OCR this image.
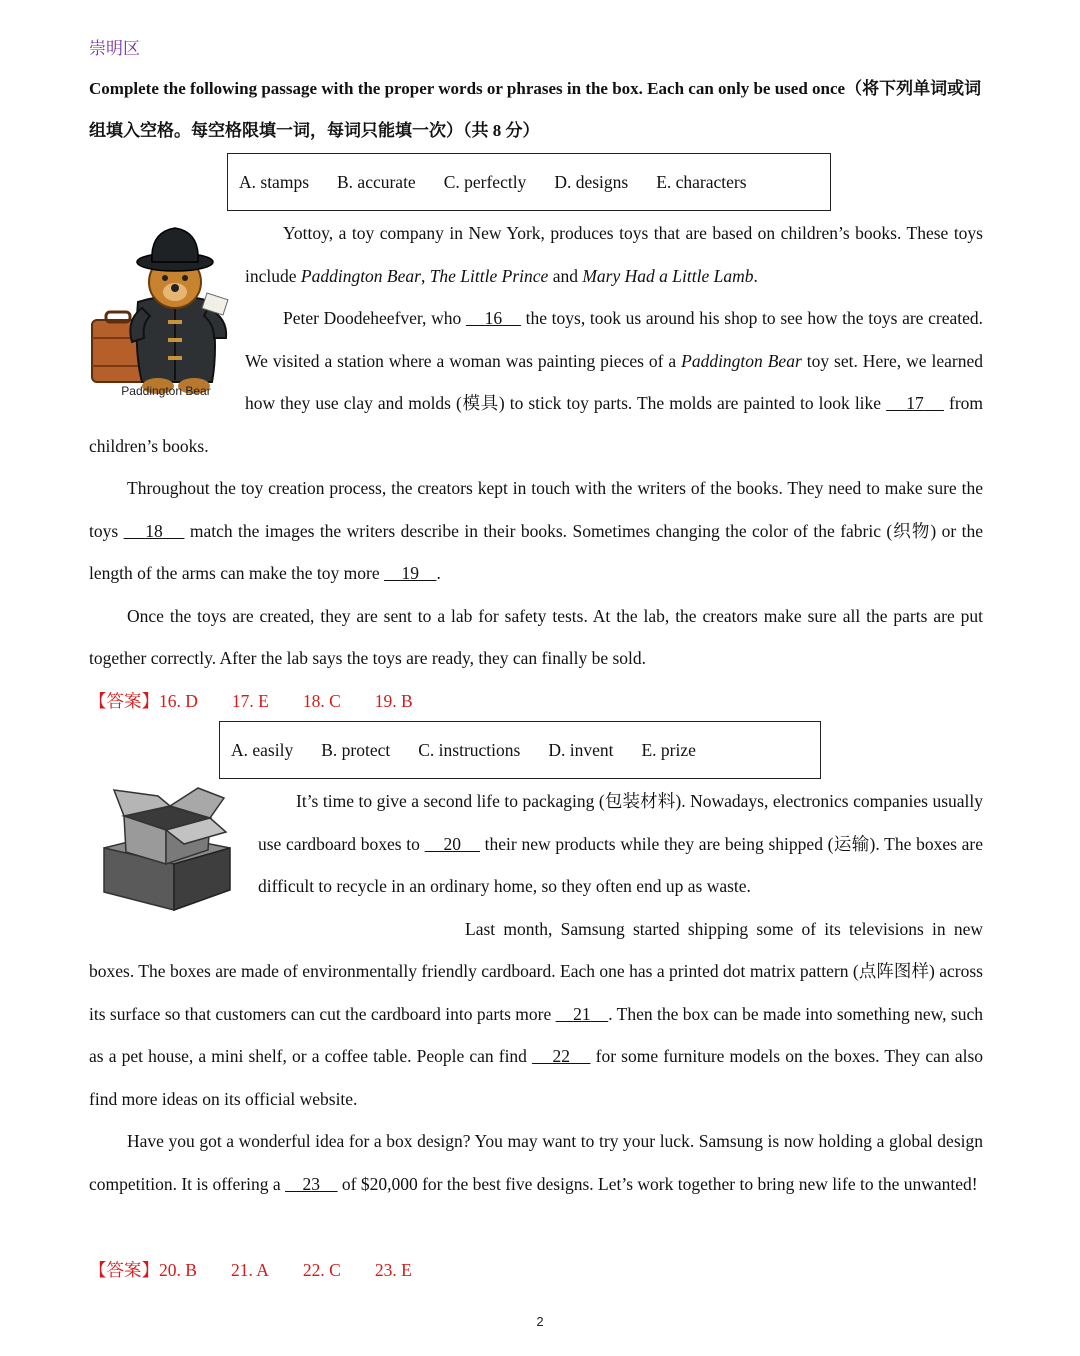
崇明区
Complete the following passage with the proper words or phrases in the box. Each can only be used once（将下列单词或词组填入空格。每空格限填一词，每词只能填一次）（共 8 分）
A. stamps B. accurate C. perfectly D. designs E. characters
Paddington Bear

Yottoy, a toy company in New York, produces toys that are based on children’s books. These toys include Paddington Bear, The Little Prince and Mary Had a Little Lamb.

Peter Doodeheefver, who     16     the toys, took us around his shop to see how the toys are created. We visited a station where a woman was painting pieces of a Paddington Bear toy set. Here, we learned how they use clay and molds (模具) to stick toy parts. The molds are painted to look like     17     from children’s books.

Throughout the toy creation process, the creators kept in touch with the writers of the books. They need to make sure the toys     18     match the images the writers describe in their books. Sometimes changing the color of the fabric (织物) or the length of the arms can make the toy more     19 .

Once the toys are created, they are sent to a lab for safety tests. At the lab, the creators make sure all the parts are put together correctly. After the lab says the toys are ready, they can finally be sold.

【答案】16. D 17. E 18. C 19. B
A. easily B. protect C. instructions D. invent E. prize

It’s time to give a second life to packaging (包装材料). Nowadays, electronics companies usually use cardboard boxes to     20     their new products while they are being shipped (运输). The boxes are difficult to recycle in an ordinary home, so they often end up as waste.

Last month, Samsung started shipping some of its televisions in new boxes. The boxes are made of environmentally friendly cardboard. Each one has a printed dot matrix pattern (点阵图样) across its surface so that customers can cut the cardboard into parts more     21 . Then the box can be made into something new, such as a pet house, a mini shelf, or a coffee table. People can find     22     for some furniture models on the boxes. They can also find more ideas on its official website.

Have you got a wonderful idea for a box design? You may want to try your luck. Samsung is now holding a global design competition. It is offering a     23     of $20,000 for the best five designs. Let’s work together to bring new life to the unwanted!

【答案】20. B 21. A 22. C 23. E
2
